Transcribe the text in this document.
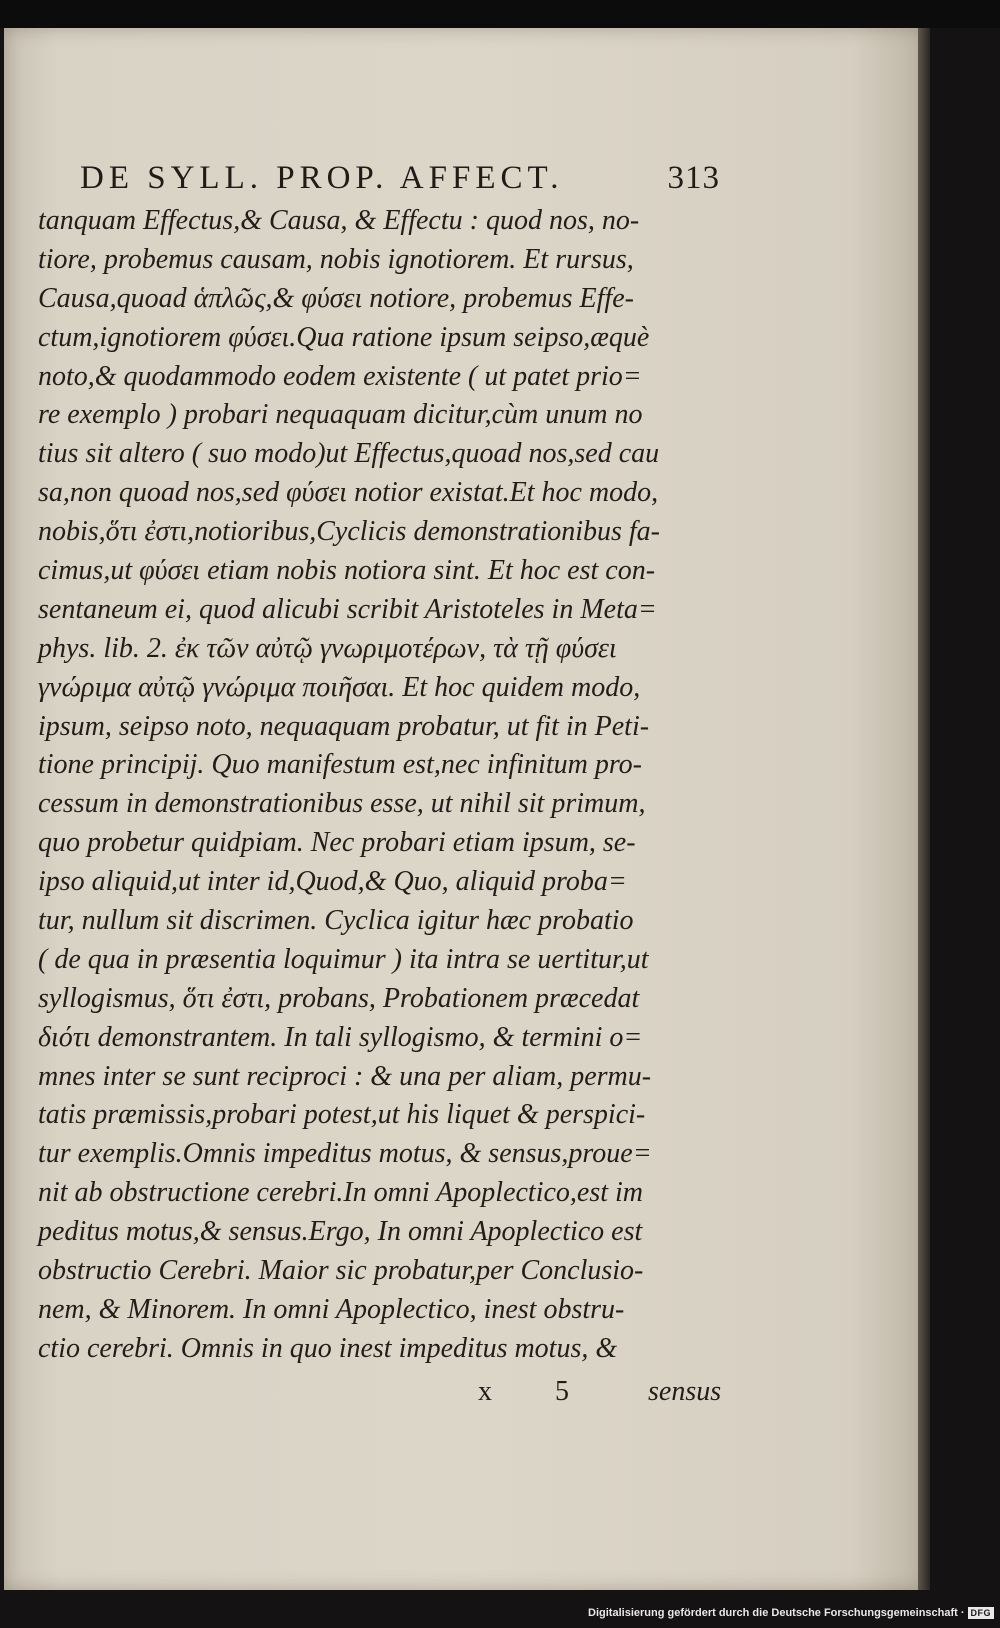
DE SYLL. PROP. AFFECT.	313
tanquam Effectus,& Causa, & Effectu : quod nos, no-
tiore, probemus causam, nobis ignotiorem. Et rursus,
Causa,quoad ἁπλῶς,& φύσει notiore, probemus Effe-
ctum,ignotiorem φύσει.Qua ratione ipsum seipso,æquè
noto,& quodammodo eodem existente ( ut patet prio=
re exemplo ) probari nequaquam dicitur,cùm unum no
tius sit altero ( suo modo)ut Effectus,quoad nos,sed cau
sa,non quoad nos,sed φύσει notior existat.Et hoc modo,
nobis,ὅτι ἐστι,notioribus,Cyclicis demonstrationibus fa-
cimus,ut φύσει etiam nobis notiora sint. Et hoc est con-
sentaneum ei, quod alicubi scribit Aristoteles in Meta=
phys. lib. 2. ἐκ τῶν αὐτῷ γνωριμοτέρων, τὰ τῇ φύσει
γνώριμα αὐτῷ γνώριμα ποιῆσαι. Et hoc quidem modo,
ipsum, seipso noto, nequaquam probatur, ut fit in Peti-
tione principij. Quo manifestum est,nec infinitum pro-
cessum in demonstrationibus esse, ut nihil sit primum,
quo probetur quidpiam. Nec probari etiam ipsum, se-
ipso aliquid,ut inter id,Quod,& Quo, aliquid proba=
tur, nullum sit discrimen. Cyclica igitur hæc probatio
( de qua in præsentia loquimur ) ita intra se uertitur,ut
syllogismus, ὅτι ἐστι, probans, Probationem præcedat
διότι demonstrantem. In tali syllogismo, & termini o=
mnes inter se sunt reciproci : & una per aliam, permu-
tatis præmissis,probari potest,ut his liquet & perspici-
tur exemplis.Omnis impeditus motus, & sensus,proue=
nit ab obstructione cerebri.In omni Apoplectico,est im
peditus motus,& sensus.Ergo, In omni Apoplectico est
obstructio Cerebri. Maior sic probatur,per Conclusio-
nem, & Minorem. In omni Apoplectico, inest obstru-
ctio cerebri. Omnis in quo inest impeditus motus, &
x 5 sensus
Digitalisierung gefördert durch die Deutsche Forschungsgemeinschaft · DFG
